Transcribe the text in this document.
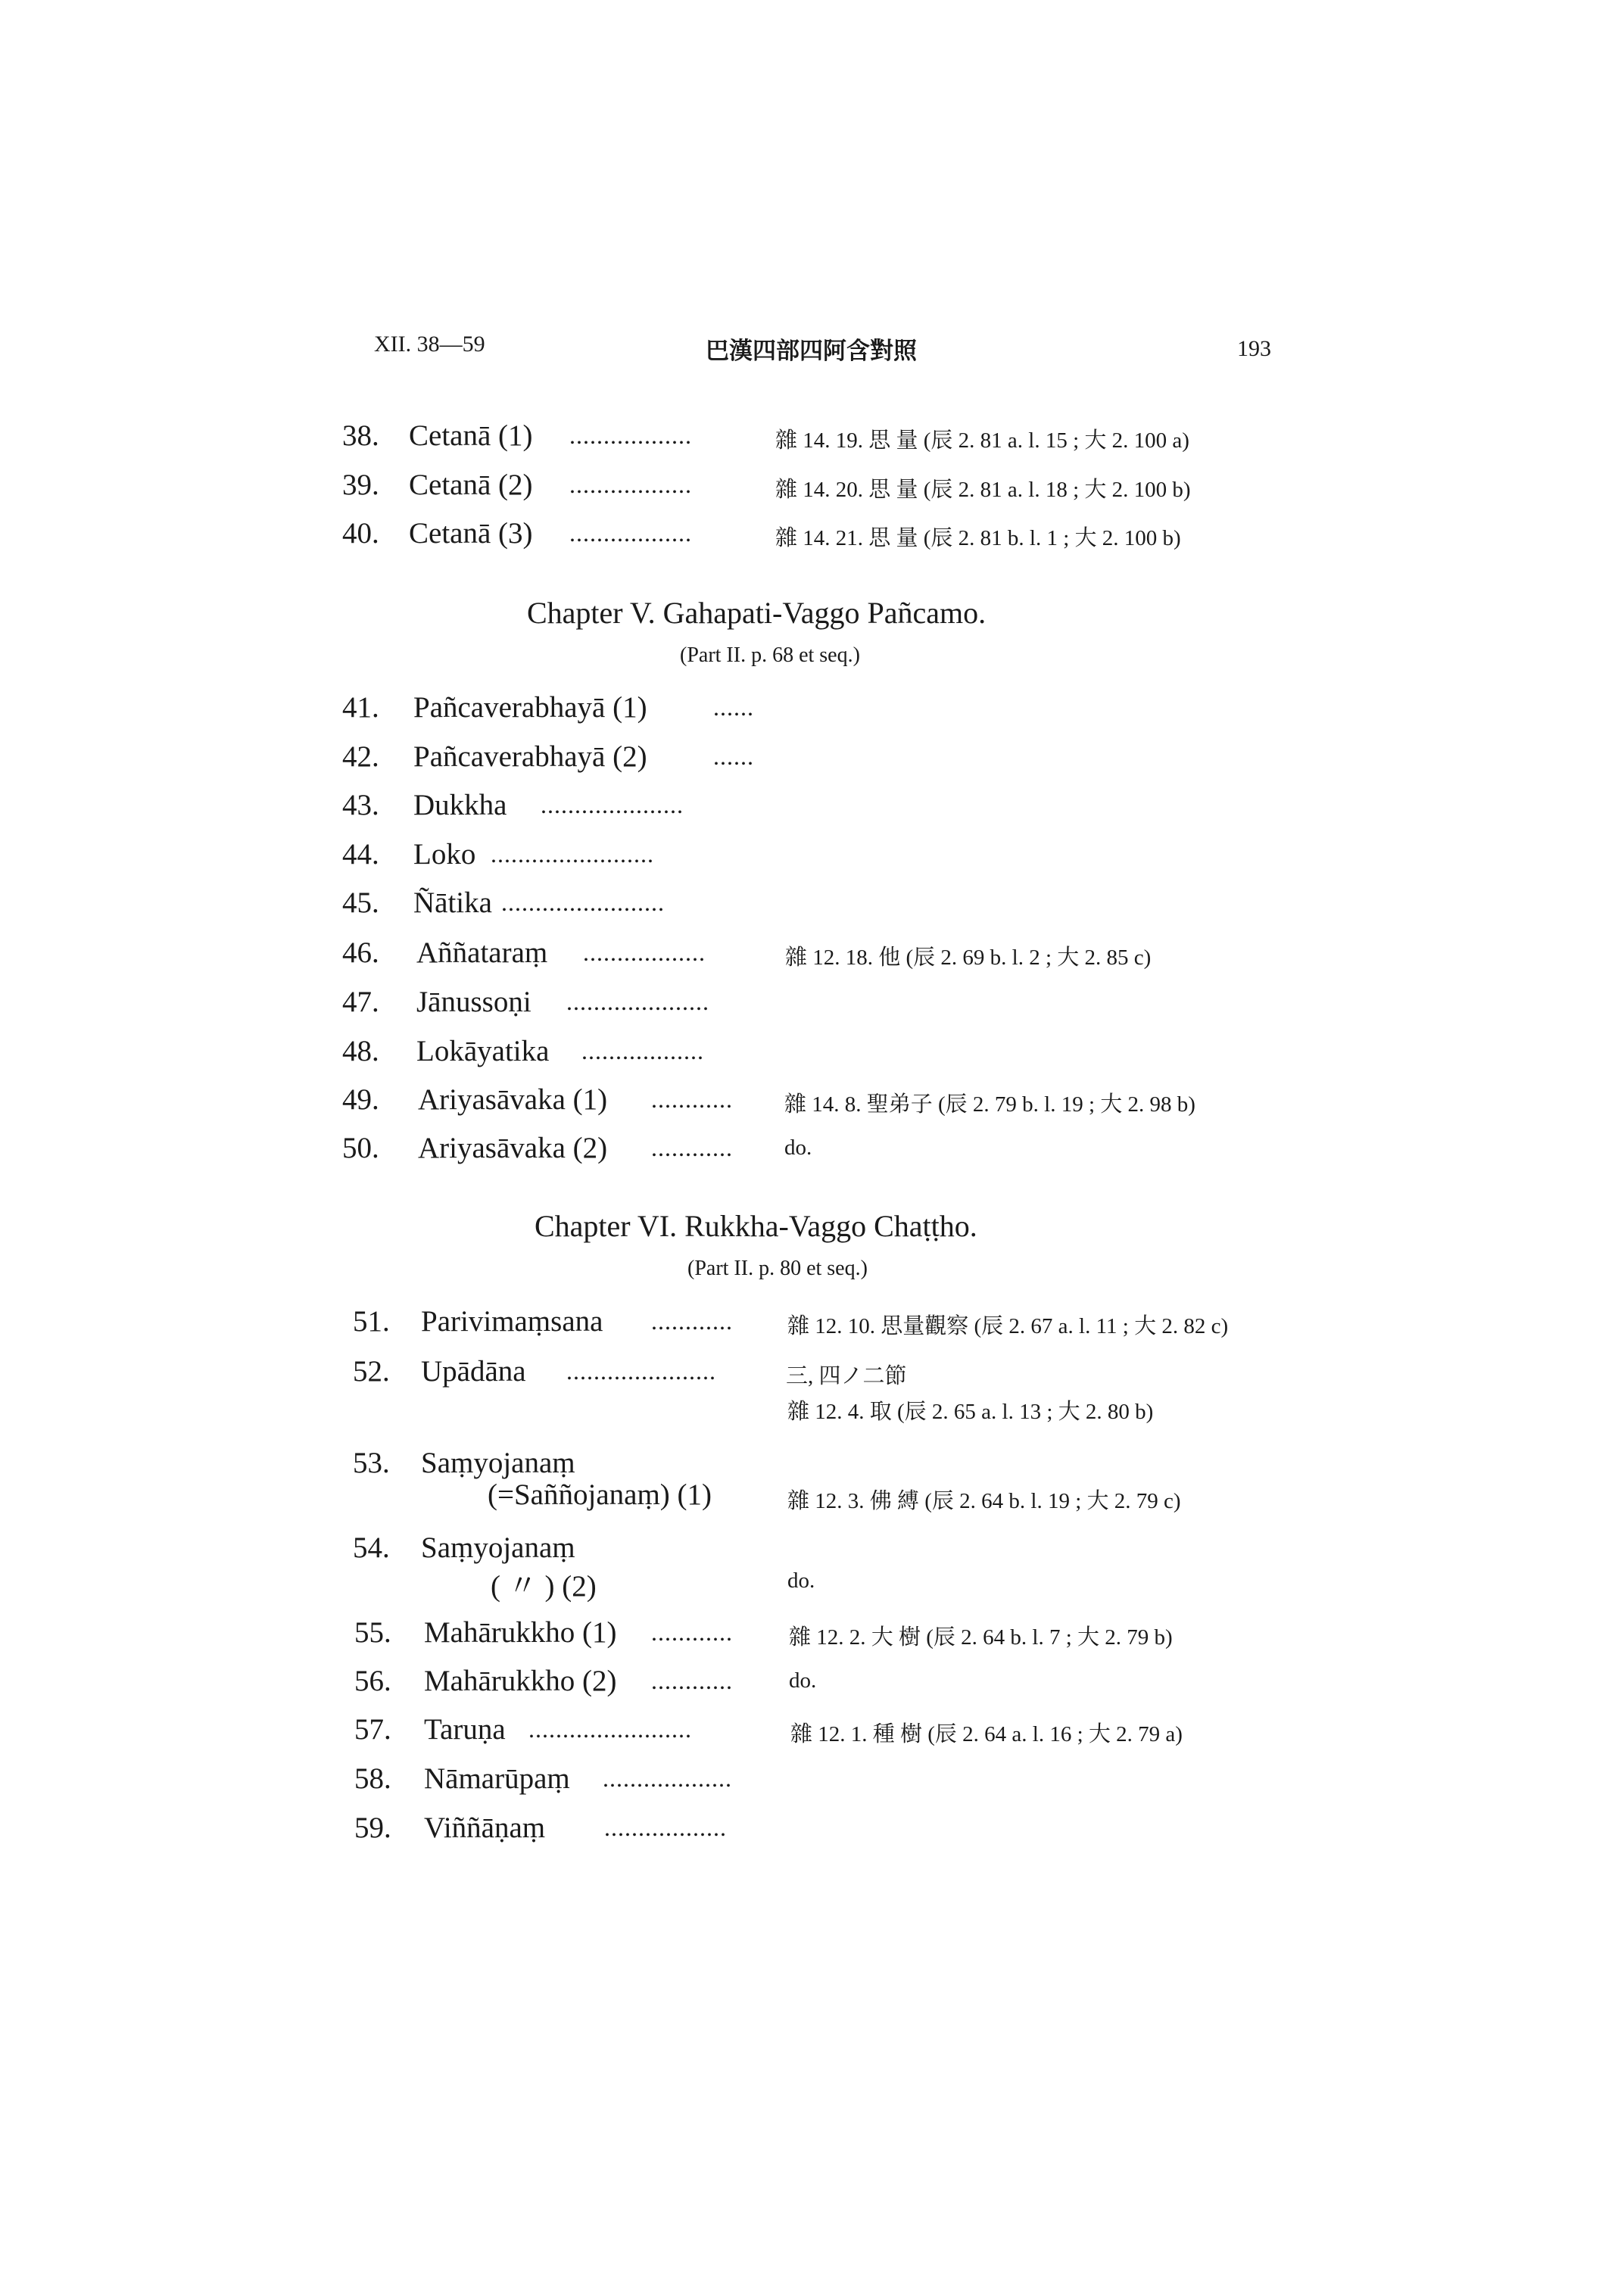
XII. 38—59	巴漢四部四阿含對照	193
38.	Cetanā (1) ..................	雜 14. 19. 思 量 (辰 2. 81 a. l. 15 ; 大 2. 100 a)
39.	Cetanā (2) ..................	雜 14. 20. 思 量 (辰 2. 81 a. l. 18 ; 大 2. 100 b)
40.	Cetanā (3) ..................	雜 14. 21. 思 量 (辰 2. 81 b. l. 1 ; 大 2. 100 b)
Chapter V. Gahapati-Vaggo Pañcamo.
(Part II. p. 68 et seq.)
41.	Pañcaverabhayā (1)	......
42.	Pañcaverabhayā (2)	......
43.	Dukkha .....................
44.	Loko ........................
45.	Ñātika ........................
46.	Aññataraṃ ..................	雜 12. 18. 他 (辰 2. 69 b. l. 2 ; 大 2. 85 c)
47.	Jānussoṇi .....................
48.	Lokāyatika ..................
49.	Ariyasāvaka (1) ............ 雜 14. 8. 聖弟子 (辰 2. 79 b. l. 19 ; 大 2. 98 b)
50.	Ariyasāvaka (2) ............ do.
Chapter VI. Rukkha-Vaggo Chaṭṭho.
(Part II. p. 80 et seq.)
51.	Parivimaṃsana ............ 雜 12. 10. 思量觀察 (辰 2. 67 a. l. 11 ; 大 2. 82 c)
52.	Upādāna ......................	三, 四ノ二節
雜 12. 4. 取 (辰 2. 65 a. l. 13 ; 大 2. 80 b)
53.	Saṃyojanaṃ
(=Saññojanaṃ) (1)	雜 12. 3. 佛 縛 (辰 2. 64 b. l. 19 ; 大 2. 79 c)
54.	Saṃyojanaṃ
( 〃 ) (2)	do.
55.	Mahārukkho (1) ............	雜 12. 2. 大 樹 (辰 2. 64 b. l. 7 ; 大 2. 79 b)
56.	Mahārukkho (2) ............	do.
57.	Taruṇa ........................	雜 12. 1. 種 樹 (辰 2. 64 a. l. 16 ; 大 2. 79 a)
58.	Nāmarūpaṃ ...................
59.	Viññāṇaṃ ..................
